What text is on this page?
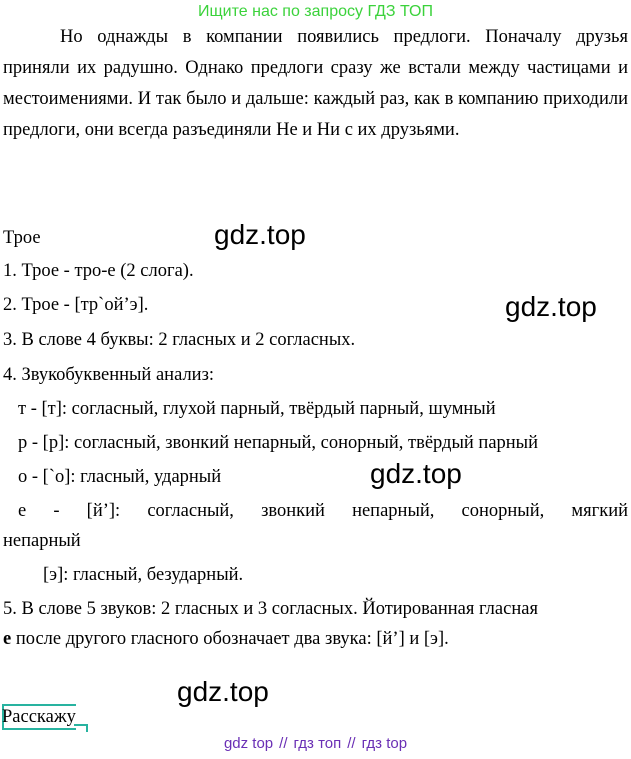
Ищите нас по запросу ГДЗ ТОП
Но однажды в компании появились предлоги. Поначалу друзья приняли их радушно. Однако предлоги сразу же встали между частицами и местоимениями. И так было и дальше: каждый раз, как в компанию приходили предлоги, они всегда разъединяли Не и Ни с их друзьями.
Трое	gdz.top
1. Трое - тро-е (2 слога).
2. Трое - [тр`ой’э].	gdz.top
3. В слове 4 буквы: 2 гласных и 2 согласных.
4. Звукобуквенный анализ:
т - [т]: согласный, глухой парный, твёрдый парный, шумный
р - [р]: согласный, звонкий непарный, сонорный, твёрдый парный
о - [`о]: гласный, ударный	gdz.top
е - [й’]: согласный, звонкий непарный, сонорный, мягкий
непарный
[э]: гласный, безударный.
5. В слове 5 звуков: 2 гласных и 3 согласных. Йотированная гласная
е после другого гласного обозначает два звука: [й’] и [э].
gdz.top
Расскажу
gdz top // гдз топ // гдз top
